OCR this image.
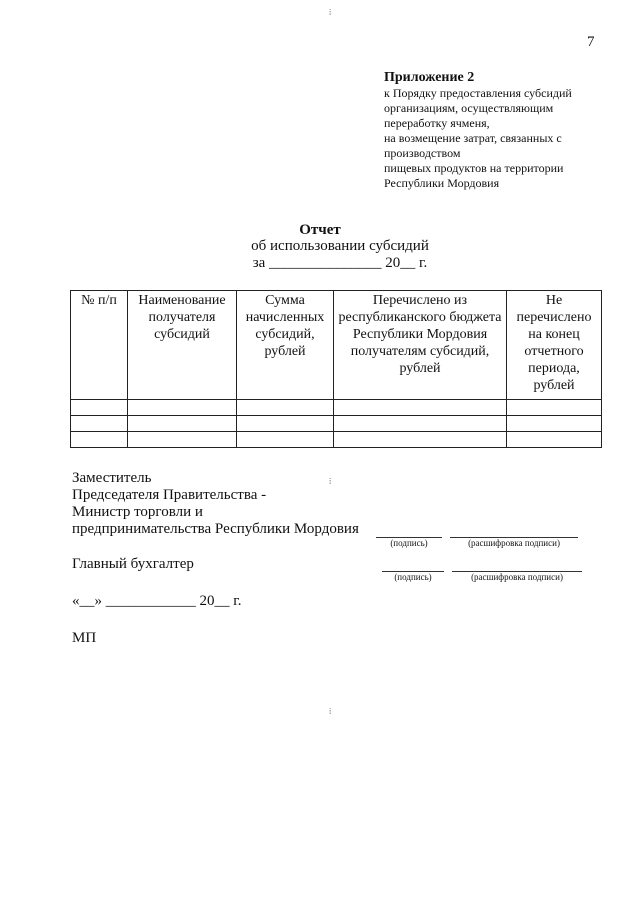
7
Приложение 2
к Порядку предоставления субсидий
организациям, осуществляющим
переработку ячменя,
на возмещение затрат, связанных с
производством
пищевых продуктов на территории
Республики Мордовия
Отчет
об использовании субсидий
за _______________ 20__ г.
№ п/п	Наименование получателя субсидий	Сумма начисленных субсидий, рублей	Перечислено из республиканского бюджета Республики Мордовия получателям субсидий, рублей	Не перечислено на конец отчетного периода, рублей

Заместитель
Председателя Правительства -
Министр торговли и
предпринимательства Республики Мордовия
(подпись)	(расшифровка подписи)
Главный бухгалтер
(подпись)	(расшифровка подписи)
«__» ____________ 20__ г.
МП
⁞
⁞
⁞
